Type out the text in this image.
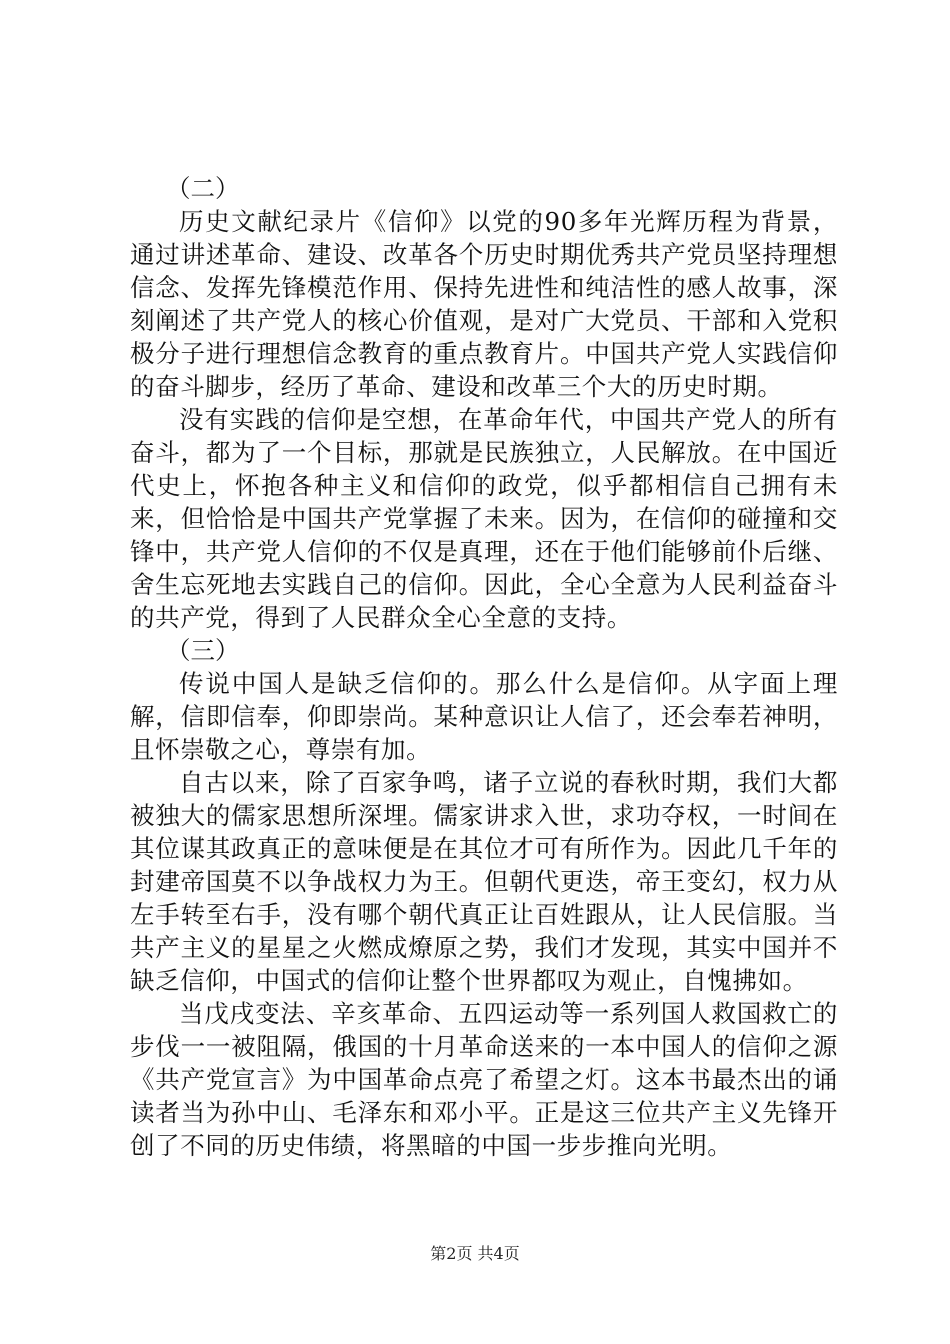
（二）

历史文献纪录片《信仰》以党的90多年光辉历程为背景，通过讲述革命、建设、改革各个历史时期优秀共产党员坚持理想信念、发挥先锋模范作用、保持先进性和纯洁性的感人故事，深刻阐述了共产党人的核心价值观，是对广大党员、干部和入党积极分子进行理想信念教育的重点教育片。中国共产党人实践信仰的奋斗脚步，经历了革命、建设和改革三个大的历史时期。

没有实践的信仰是空想，在革命年代，中国共产党人的所有奋斗，都为了一个目标，那就是民族独立，人民解放。在中国近代史上，怀抱各种主义和信仰的政党，似乎都相信自己拥有未来，但恰恰是中国共产党掌握了未来。因为，在信仰的碰撞和交锋中，共产党人信仰的不仅是真理，还在于他们能够前仆后继、舍生忘死地去实践自己的信仰。因此，全心全意为人民利益奋斗的共产党，得到了人民群众全心全意的支持。

（三）

传说中国人是缺乏信仰的。那么什么是信仰。从字面上理解，信即信奉，仰即崇尚。某种意识让人信了，还会奉若神明，且怀崇敬之心，尊崇有加。

自古以来，除了百家争鸣，诸子立说的春秋时期，我们大都被独大的儒家思想所深埋。儒家讲求入世，求功夺权，一时间在其位谋其政真正的意味便是在其位才可有所作为。因此几千年的封建帝国莫不以争战权力为王。但朝代更迭，帝王变幻，权力从左手转至右手，没有哪个朝代真正让百姓跟从，让人民信服。当共产主义的星星之火燃成燎原之势，我们才发现，其实中国并不缺乏信仰，中国式的信仰让整个世界都叹为观止，自愧拂如。

当戊戌变法、辛亥革命、五四运动等一系列国人救国救亡的步伐一一被阻隔，俄国的十月革命送来的一本中国人的信仰之源《共产党宣言》为中国革命点亮了希望之灯。这本书最杰出的诵读者当为孙中山、毛泽东和邓小平。正是这三位共产主义先锋开创了不同的历史伟绩，将黑暗的中国一步步推向光明。

第2页 共4页
